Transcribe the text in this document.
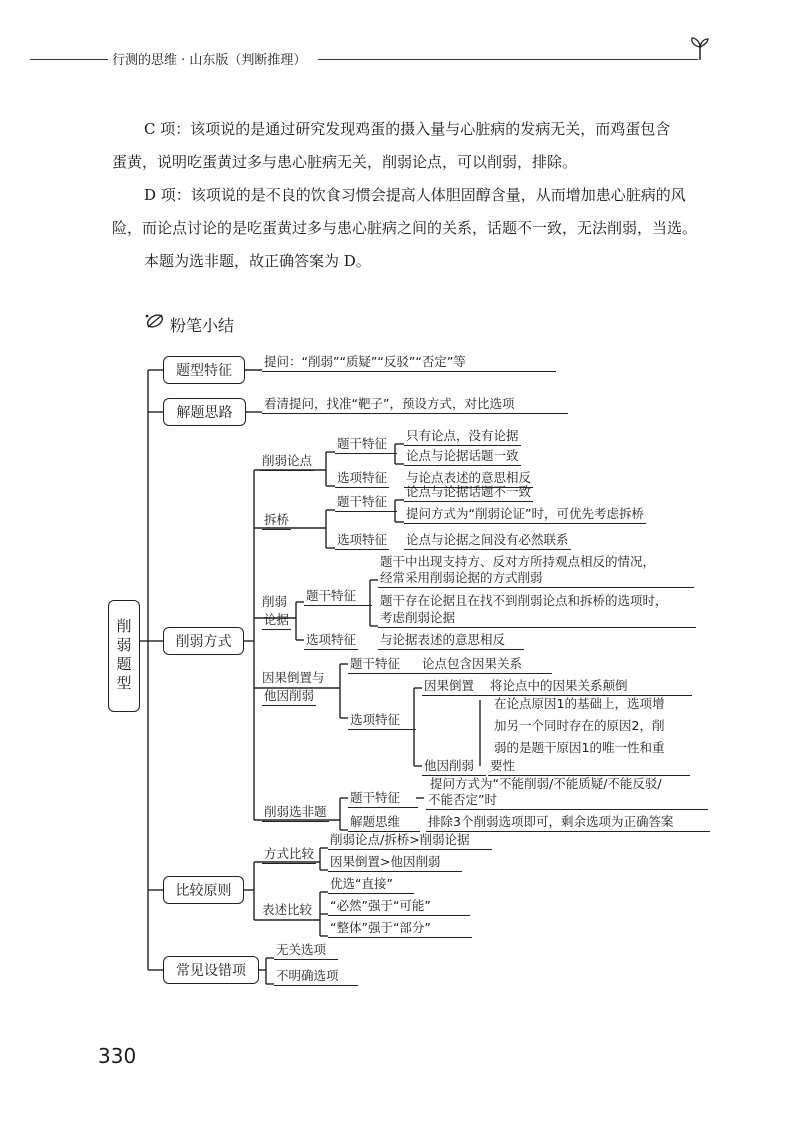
行测的思维 · 山东版（判断推理）
C 项：该项说的是通过研究发现鸡蛋的摄入量与心脏病的发病无关，而鸡蛋包含
蛋黄，说明吃蛋黄过多与患心脏病无关，削弱论点，可以削弱，排除。
D 项：该项说的是不良的饮食习惯会提高人体胆固醇含量，从而增加患心脏病的风
险，而论点讨论的是吃蛋黄过多与患心脏病之间的关系，话题不一致，无法削弱，当选。
本题为选非题，故正确答案为 D。
粉笔小结
削弱题型
题型特征
解题思路
削弱方式
比较原则
常见设错项
提问：“削弱”“质疑”“反驳”“否定”等
看清提问，找准“靶子”，预设方式，对比选项
削弱论点
题干特征
只有论点，没有论据
论点与论据话题一致
选项特征 与论点表述的意思相反
拆桥
题干特征
论点与论据话题不一致
提问方式为“削弱论证”时，可优先考虑拆桥
选项特征 论点与论据之间没有必然联系
削弱
论据
题干特征
题干中出现支持方、反对方所持观点相反的情况，
经常采用削弱论据的方式削弱
题干存在论据且在找不到削弱论点和拆桥的选项时，
考虑削弱论据
选项特征 与论据表述的意思相反
因果倒置与
他因削弱
题干特征	论点包含因果关系
选项特征
因果倒置	将论点中的因果关系颠倒
在论点原因1的基础上，选项增
加另一个同时存在的原因2，削
弱的是题干原因1的唯一性和重
他因削弱	要性
削弱选非题
题干特征
提问方式为“不能削弱/不能质疑/不能反驳/
不能否定”时
解题思维	排除3个削弱选项即可，剩余选项为正确答案
方式比较
削弱论点/拆桥>削弱论据
因果倒置>他因削弱
表述比较
优选“直接”
“必然”强于“可能”
“整体”强于“部分”
无关选项
不明确选项
330
